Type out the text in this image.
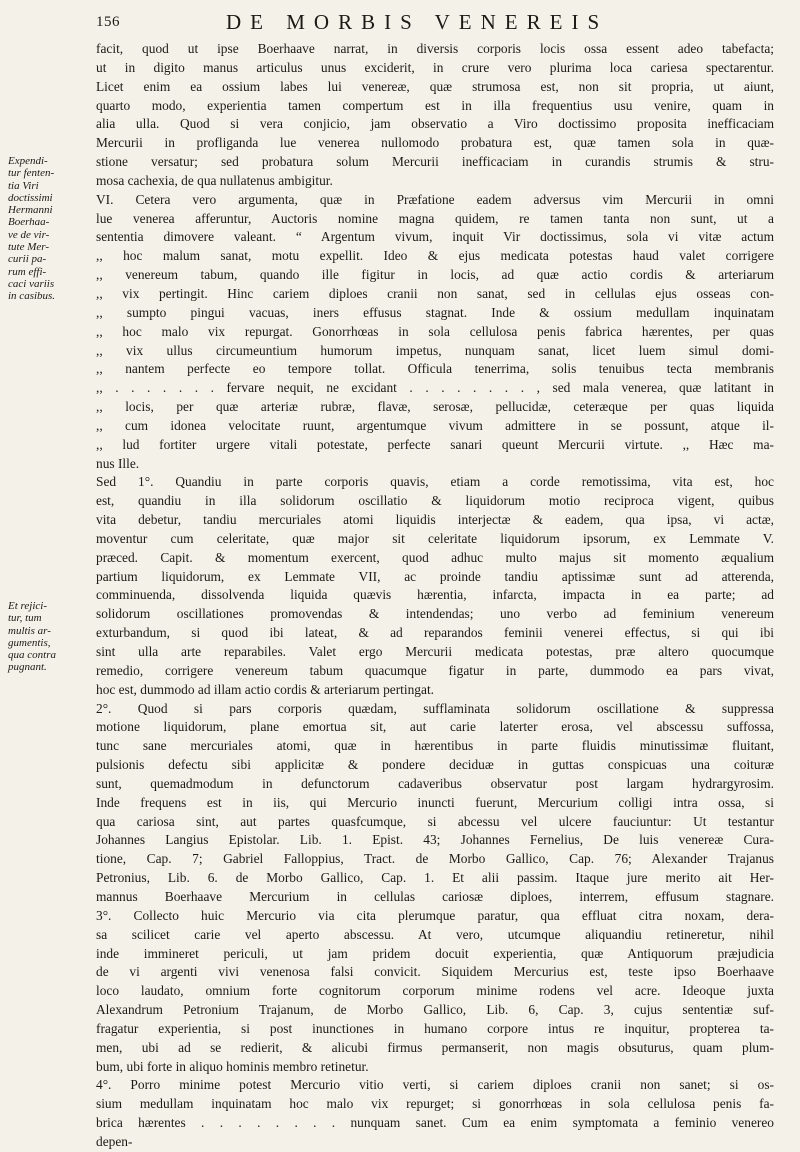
156	DE MORBIS VENEREIS
Expendi-
tur fenten-
tia Viri
doctissimi
Hermanni
Boerhaa-
ve de vir-
tute Mer-
curii pa-
rum effi-
caci variis
in casibus.
Et rejici-
tur, tum
multis ar-
gumentis,
qua contra
pugnant.
facit, quod ut ipse Boerhaave narrat, in diversis corporis locis ossa essent adeo tabefacta;
ut in digito manus articulus unus exciderit, in crure vero plurima loca cariesa spectarentur.
Licet enim ea ossium labes lui venereæ, quæ strumosa est, non sit propria, ut aiunt,
quarto modo, experientia tamen compertum est in illa frequentius usu venire, quam in
alia ulla. Quod si vera conjicio, jam observatio a Viro doctissimo proposita inefficaciam
Mercurii in profliganda lue venerea nullomodo probatura est, quæ tamen sola in quæ-
stione versatur; sed probatura solum Mercurii inefficaciam in curandis strumis & stru-
mosa cachexia, de qua nullatenus ambigitur.
VI. Cetera vero argumenta, quæ in Præfatione eadem adversus vim Mercurii in omni
lue venerea afferuntur, Auctoris nomine magna quidem, re tamen tanta non sunt, ut a
sententia dimovere valeant. “ Argentum vivum, inquit Vir doctissimus, sola vi vitæ actum
,, hoc malum sanat, motu expellit. Ideo & ejus medicata potestas haud valet corrigere
,, venereum tabum, quando ille figitur in locis, ad quæ actio cordis & arteriarum
,, vix pertingit. Hinc cariem diploes cranii non sanat, sed in cellulas ejus osseas con-
,, sumpto pingui vacuas, iners effusus stagnat. Inde & ossium medullam inquinatam
,, hoc malo vix repurgat. Gonorrhœas in sola cellulosa penis fabrica hærentes, per quas
,, vix ullus circumeuntium humorum impetus, nunquam sanat, licet luem simul domi-
,, nantem perfecte eo tempore tollat. Officula tenerrima, solis tenuibus tecta membranis
,, . . . . . . . fervare nequit, ne excidant . . . . . . . . , sed mala venerea, quæ latitant in
,, locis, per quæ arteriæ rubræ, flavæ, serosæ, pellucidæ, ceteræque per quas liquida
,, cum idonea velocitate ruunt, argentumque vivum admittere in se possunt, atque il-
,, lud fortiter urgere vitali potestate, perfecte sanari queunt Mercurii virtute. ,, Hæc ma-
nus Ille.
Sed 1°. Quandiu in parte corporis quavis, etiam a corde remotissima, vita est, hoc
est, quandiu in illa solidorum oscillatio & liquidorum motio reciproca vigent, quibus
vita debetur, tandiu mercuriales atomi liquidis interjectæ & eadem, qua ipsa, vi actæ,
moventur cum celeritate, quæ major sit celeritate liquidorum ipsorum, ex Lemmate V.
præced. Capit. & momentum exercent, quod adhuc multo majus sit momento æqualium
partium liquidorum, ex Lemmate VII, ac proinde tandiu aptissimæ sunt ad atterenda,
comminuenda, dissolvenda liquida quævis hærentia, infarcta, impacta in ea parte; ad
solidorum oscillationes promovendas & intendendas; uno verbo ad feminium venereum
exturbandum, si quod ibi lateat, & ad reparandos feminii venerei effectus, si qui ibi
sint ulla arte reparabiles. Valet ergo Mercurii medicata potestas, præ altero quocumque
remedio, corrigere venereum tabum quacumque figatur in parte, dummodo ea pars vivat,
hoc est, dummodo ad illam actio cordis & arteriarum pertingat.
2°. Quod si pars corporis quædam, sufflaminata solidorum oscillatione & suppressa
motione liquidorum, plane emortua sit, aut carie laterter erosa, vel abscessu suffossa,
tunc sane mercuriales atomi, quæ in hærentibus in parte fluidis minutissimæ fluitant,
pulsionis defectu sibi applicitæ & pondere deciduæ in guttas conspicuas una coituræ
sunt, quemadmodum in defunctorum cadaveribus observatur post largam hydrargyrosim.
Inde frequens est in iis, qui Mercurio inuncti fuerunt, Mercurium colligi intra ossa, si
qua cariosa sint, aut partes quasfcumque, si abcessu vel ulcere fauciuntur: Ut testantur
Johannes Langius Epistolar. Lib. 1. Epist. 43; Johannes Fernelius, De luis venereæ Cura-
tione, Cap. 7; Gabriel Falloppius, Tract. de Morbo Gallico, Cap. 76; Alexander Trajanus
Petronius, Lib. 6. de Morbo Gallico, Cap. 1. Et alii passim. Itaque jure merito ait Her-
mannus Boerhaave Mercurium in cellulas cariosæ diploes, interrem, effusum stagnare.
3°. Collecto huic Mercurio via cita plerumque paratur, qua effluat citra noxam, dera-
sa scilicet carie vel aperto abscessu. At vero, utcumque aliquandiu retineretur, nihil
inde immineret periculi, ut jam pridem docuit experientia, quæ Antiquorum præjudicia
de vi argenti vivi venenosa falsi convicit. Siquidem Mercurius est, teste ipso Boerhaave
loco laudato, omnium forte cognitorum corporum minime rodens vel acre. Ideoque juxta
Alexandrum Petronium Trajanum, de Morbo Gallico, Lib. 6, Cap. 3, cujus sententiæ suf-
fragatur experientia, si post inunctiones in humano corpore intus re inquitur, propterea ta-
men, ubi ad se redierit, & alicubi firmus permanserit, non magis obsuturus, quam plum-
bum, ubi forte in aliquo hominis membro retinetur.
4°. Porro minime potest Mercurio vitio verti, si cariem diploes cranii non sanet; si os-
sium medullam inquinatam hoc malo vix repurget; si gonorrhœas in sola cellulosa penis fa-
brica hærentes . . . . . . . . nunquam sanet. Cum ea enim symptomata a feminio venereo
depen-
